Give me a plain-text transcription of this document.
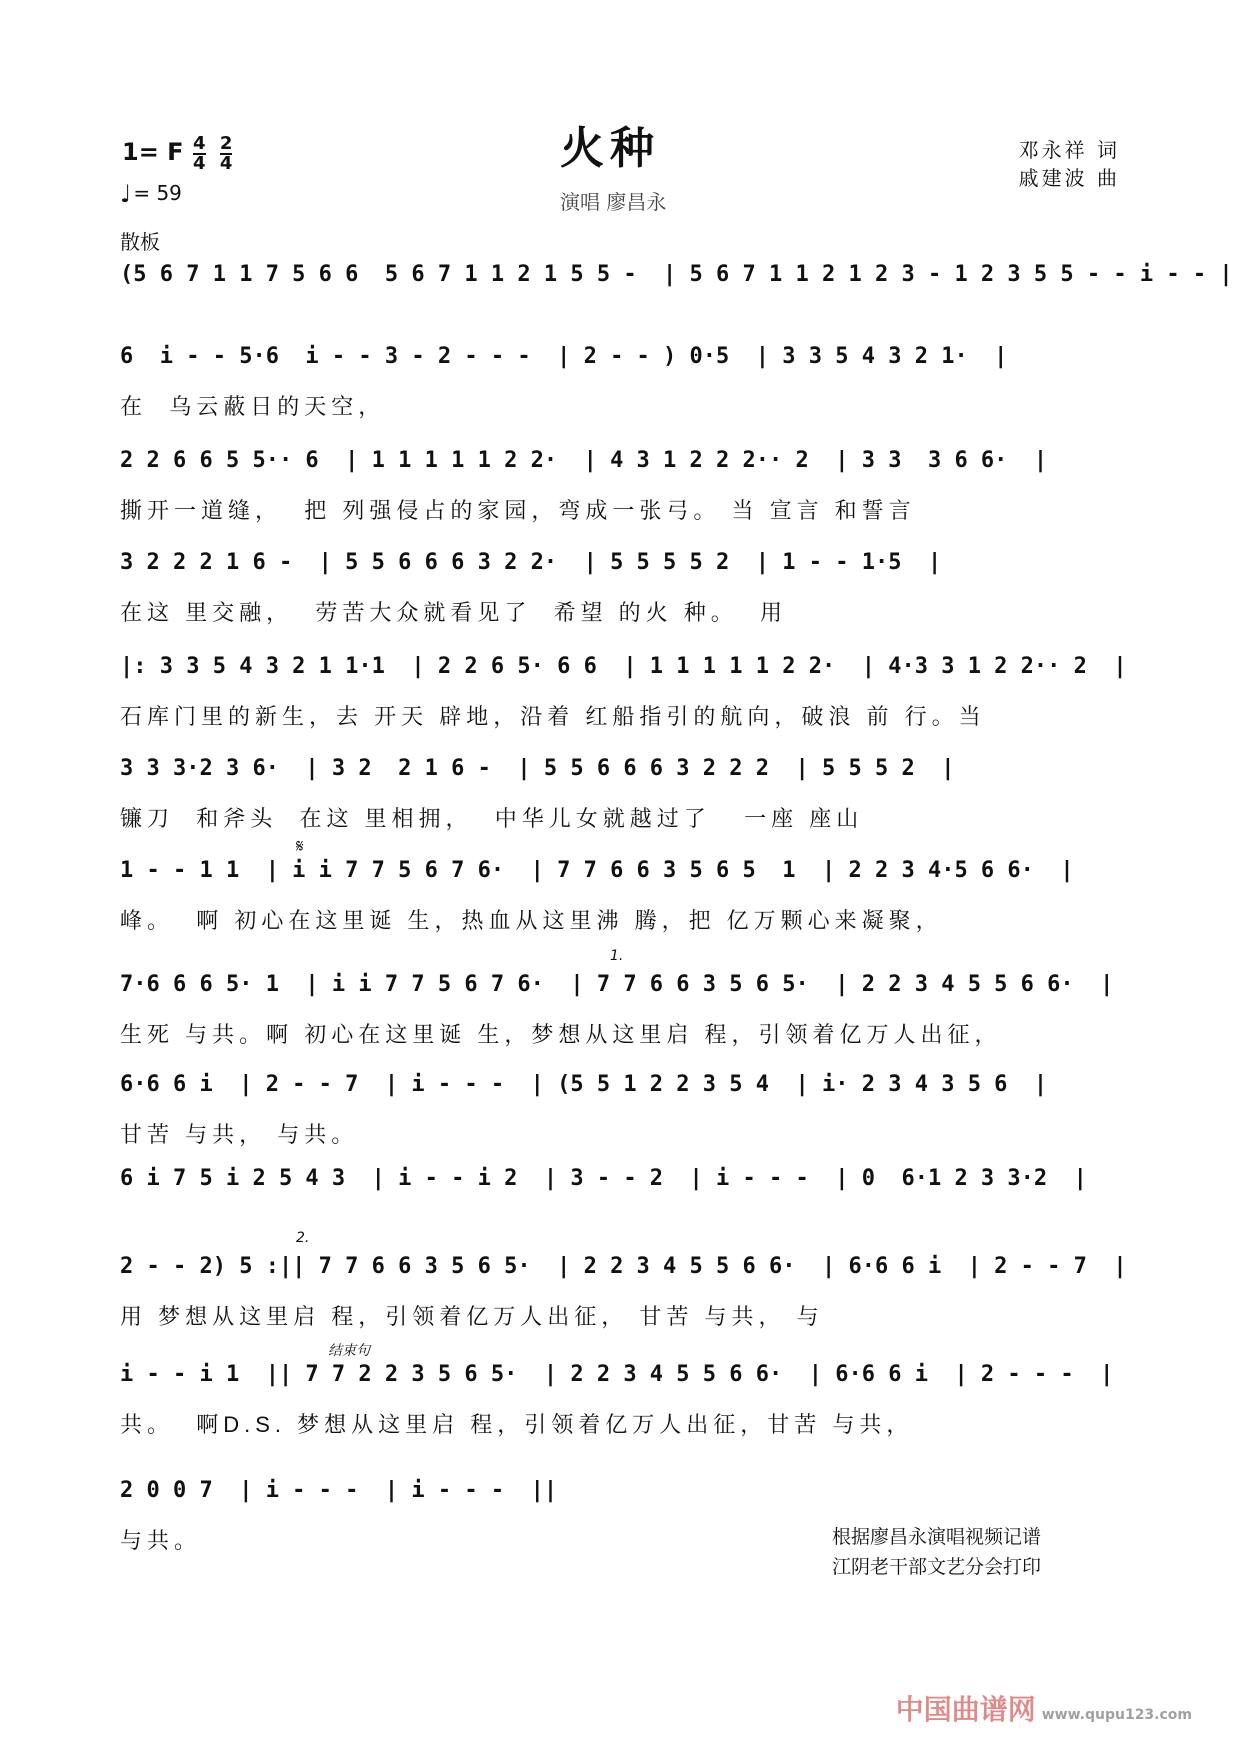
火种
演唱 廖昌永
1= F $\frac{4}{4}$
$\frac{2}{4}$
♩ = 59
邓永祥 词
戚建波 曲
散板
(5 6 7 1 1 7 5 6 6  5 6 7 1 1 2 1 5 5 -  | 5 6 7 1 1 2 1 2 3 - 1 2 3 5 5 - - i - - |
6  i - - 5·6  i - - 3 - 2 - - -  | 2 - - ) 0·5  | 3 3 5 4 3 2 1·  |
在  乌云蔽日的天空，
2 2 6 6 5 5·· 6  | 1 1 1 1 1 2 2·  | 4 3 1 2 2 2·· 2  | 3 3  3 6 6·  |
撕开一道缝，  把 列强侵占的家园，弯成一张弓。 当 宣言 和誓言
3 2 2 2 1 6 -  | 5 5 6 6 6 3 2 2·  | 5 5 5 5 2  | 1 - - 1·5  |
在这 里交融，  劳苦大众就看见了  希望 的火 种。  用
|: 3 3 5 4 3 2 1 1·1  | 2 2 6 5· 6 6  | 1 1 1 1 1 2 2·  | 4·3 3 1 2 2·· 2  |
石库门里的新生，去 开天 辟地，沿着 红船指引的航向，破浪 前 行。当
3 3 3·2 3 6·  | 3 2  2 1 6 -  | 5 5 6 6 6 3 2 2 2  | 5 5 5 2  |
镰刀  和斧头  在这 里相拥，  中华儿女就越过了   一座 座山
1 - - 1 1  | i i 7 7 5 6 7 6·  | 7 7 6 6 3 5 6 5  1  | 2 2 3 4·5 6 6·  |
峰。  啊 初心在这里诞 生，热血从这里沸 腾，把 亿万颗心来凝聚，
7·6 6 6 5· 1  | i i 7 7 5 6 7 6·  | 7 7 6 6 3 5 6 5·  | 2 2 3 4 5 5 6 6·  |
生死 与共。啊 初心在这里诞 生，梦想从这里启 程，引领着亿万人出征，
6·6 6 i  | 2 - - 7  | i - - -  | (5 5 1 2 2 3 5 4  | i· 2 3 4 3 5 6  |
甘苦 与共， 与共。
6 i 7 5 i 2 5 4 3  | i - - i 2  | 3 - - 2  | i - - -  | 0  6·1 2 3 3·2  |
2 - - 2) 5 :|| 7 7 6 6 3 5 6 5·  | 2 2 3 4 5 5 6 6·  | 6·6 6 i  | 2 - - 7  |
用 梦想从这里启 程，引领着亿万人出征， 甘苦 与共， 与
i - - i 1  || 7 7 2 2 3 5 6 5·  | 2 2 3 4 5 5 6 6·  | 6·6 6 i  | 2 - - -  |
共。  啊D.S. 梦想从这里启 程，引领着亿万人出征，甘苦 与共，
2 0 0 7  | i - - -  | i - - -  ||
与共。
1.
2.
结束句
𝄋
根据廖昌永演唱视频记谱
江阴老干部文艺分会打印
中国曲谱网 www.qupu123.com
